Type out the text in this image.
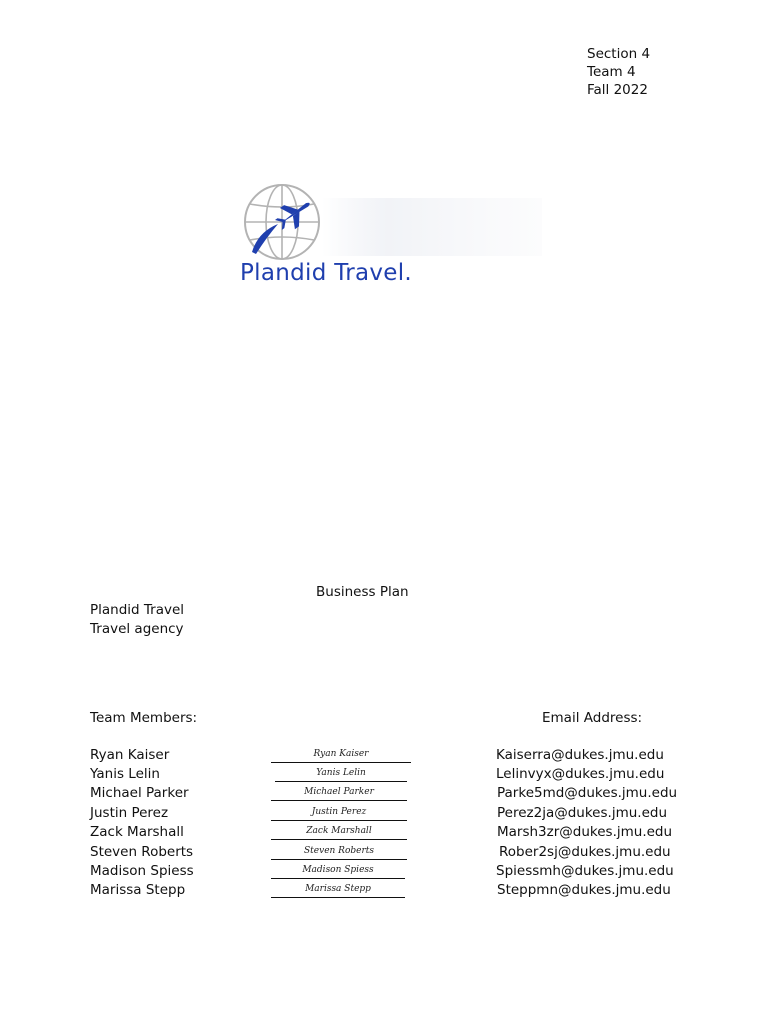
Section 4
Team 4
Fall 2022
Plandid Travel.
Business Plan
Plandid Travel
Travel agency
Team Members:	Email Address:
Ryan Kaiser	Ryan Kaiser	Kaiserra@dukes.jmu.edu
Yanis Lelin	Yanis Lelin	Lelinvyx@dukes.jmu.edu
Michael Parker	Michael Parker	Parke5md@dukes.jmu.edu
Justin Perez	Justin Perez	Perez2ja@dukes.jmu.edu
Zack Marshall	Zack Marshall	Marsh3zr@dukes.jmu.edu
Steven Roberts	Steven Roberts	Rober2sj@dukes.jmu.edu
Madison Spiess	Madison Spiess	Spiessmh@dukes.jmu.edu
Marissa Stepp	Marissa Stepp	Steppmn@dukes.jmu.edu
